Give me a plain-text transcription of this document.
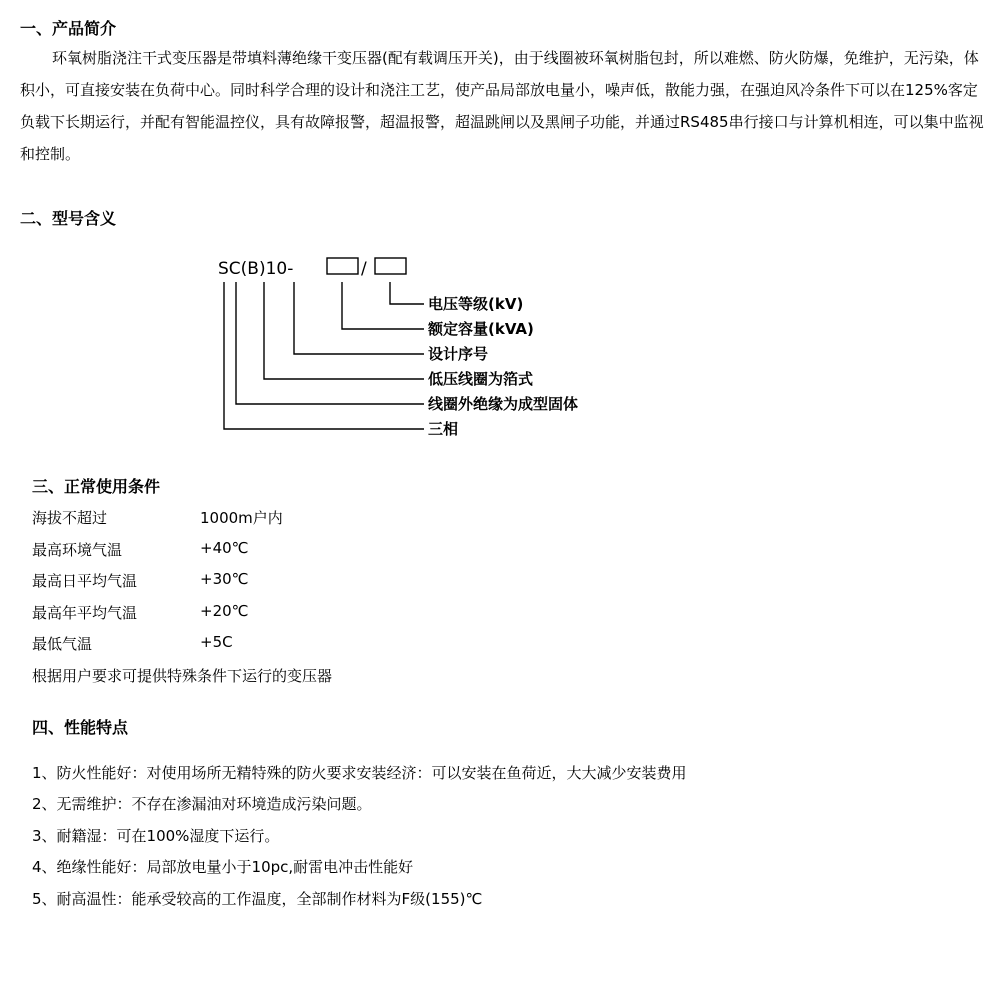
一、产品简介
环氧树脂浇注干式变压器是带填料薄绝缘干变压器(配有载调压开关)，由于线圈被环氧树脂包封，所以难燃、防火防爆，免维护，无污染，体积小，可直接安装在负荷中心。同时科学合理的设计和浇注工艺，使产品局部放电量小，噪声低，散能力强，在强迫风冷条件下可以在125%客定负载下长期运行，并配有智能温控仪，具有故障报警，超温报警，超温跳闸以及黑闸子功能，并通过RS485串行接口与计算机相连，可以集中监视和控制。
二、型号含义
SC(B)10-	/
电压等级(kV)
额定容量(kVA)
设计序号
低压线圈为箔式
线圈外绝缘为成型固体
三相
三、正常使用条件
海拔不超过	1000m户内
最高环境气温	+40℃
最高日平均气温	+30℃
最高年平均气温	+20℃
最低气温	+5C
根据用户要求可提供特殊条件下运行的变压器
四、性能特点
1、防火性能好：对使用场所无精特殊的防火要求安装经济：可以安装在鱼荷近，大大减少安装费用
2、无需维护：不存在渗漏油对环境造成污染问题。
3、耐籍湿：可在100%湿度下运行。
4、绝缘性能好：局部放电量小于10pc,耐雷电冲击性能好
5、耐高温性：能承受较高的工作温度，全部制作材料为F级(155)℃
